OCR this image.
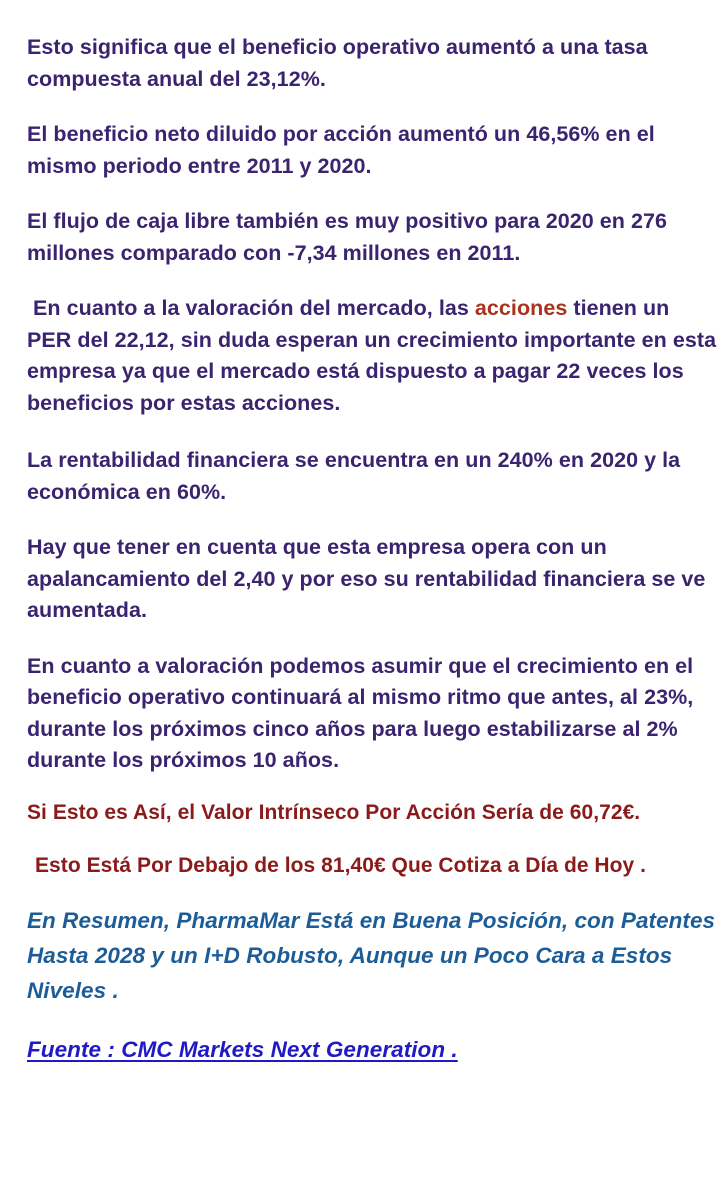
Esto significa que el beneficio operativo aumentó a una tasa compuesta anual del 23,12%.

El beneficio neto diluido por acción aumentó un 46,56% en el mismo periodo entre 2011 y 2020.

El flujo de caja libre también es muy positivo para 2020 en 276 millones comparado con -7,34 millones en 2011.

En cuanto a la valoración del mercado, las acciones tienen un PER del 22,12, sin duda esperan un crecimiento importante en esta empresa ya que el mercado está dispuesto a pagar 22 veces los beneficios por estas acciones.

La rentabilidad financiera se encuentra en un 240% en 2020 y la económica en 60%.

Hay que tener en cuenta que esta empresa opera con un apalancamiento del 2,40 y por eso su rentabilidad financiera se ve aumentada.

En cuanto a valoración podemos asumir que el crecimiento en el beneficio operativo continuará al mismo ritmo que antes, al 23%, durante los próximos cinco años para luego estabilizarse al 2% durante los próximos 10 años.

Si Esto es Así, el Valor Intrínseco Por Acción Sería de 60,72€.

Esto Está Por Debajo de los 81,40€ Que Cotiza a Día de Hoy .

En Resumen, PharmaMar Está en Buena Posición, con Patentes Hasta 2028 y un I+D Robusto, Aunque un Poco Cara a Estos Niveles .

Fuente : CMC Markets Next Generation .
